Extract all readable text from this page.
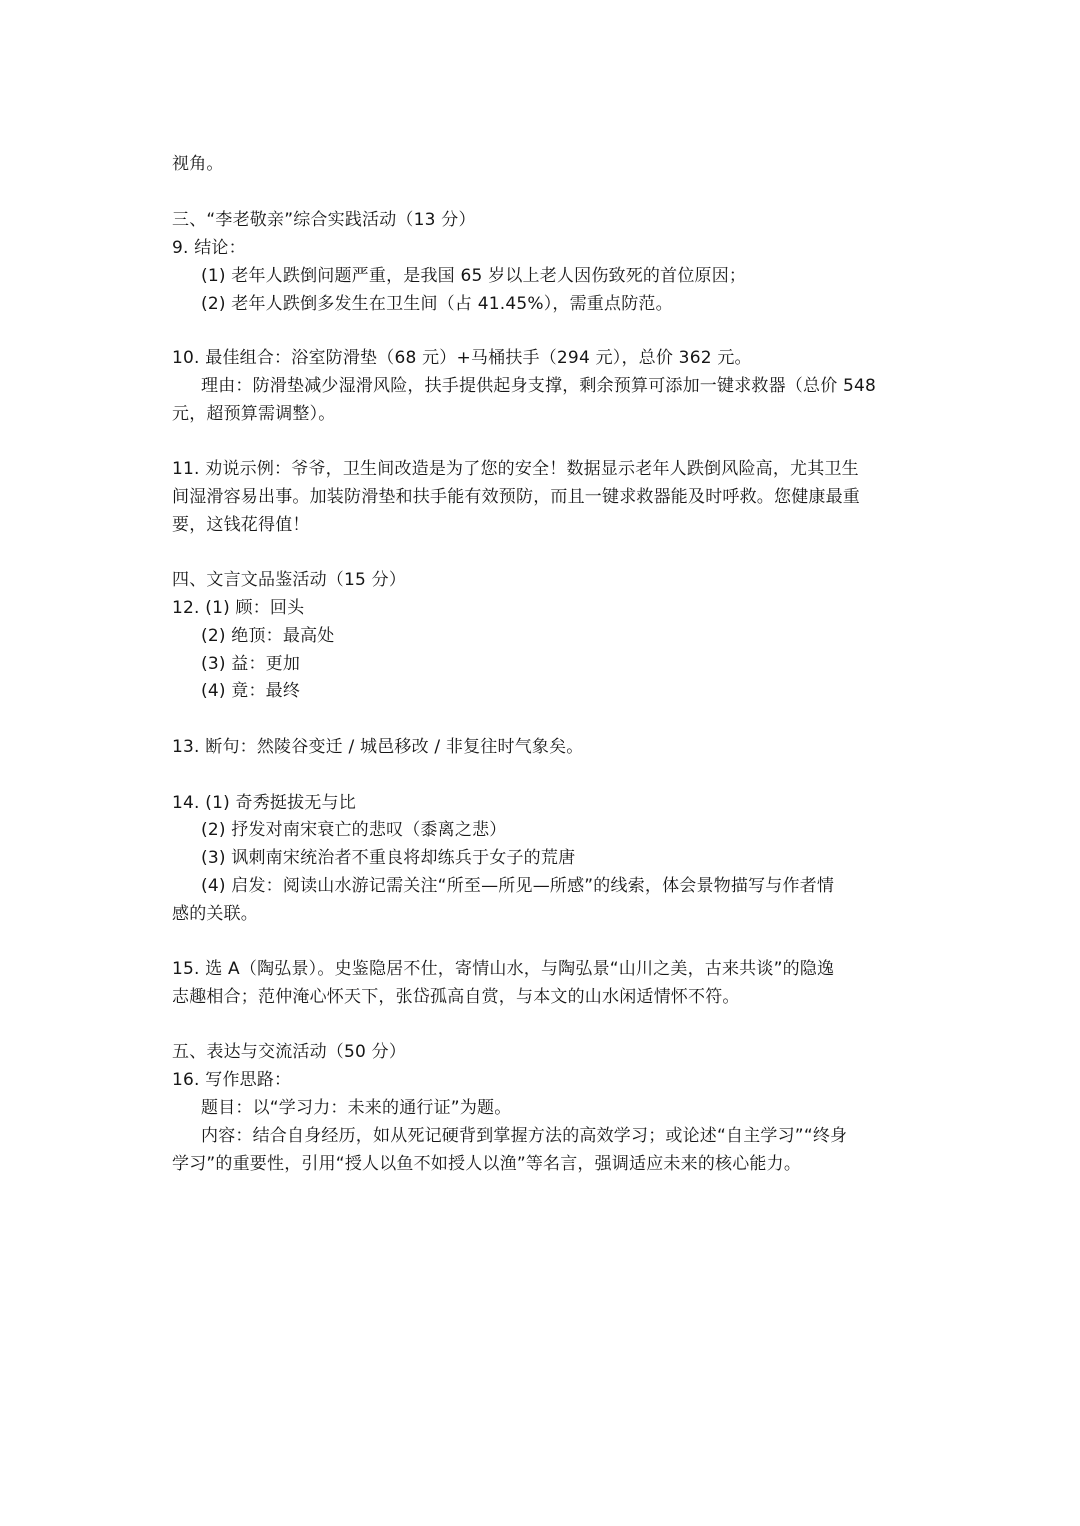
视角。
三、“李老敬亲”综合实践活动（13 分）
9. 结论：
(1) 老年人跌倒问题严重，是我国 65 岁以上老人因伤致死的首位原因；
(2) 老年人跌倒多发生在卫生间（占 41.45%），需重点防范。
10. 最佳组合：浴室防滑垫（68 元）+马桶扶手（294 元），总价 362 元。
理由：防滑垫减少湿滑风险，扶手提供起身支撑，剩余预算可添加一键求救器（总价 548
元，超预算需调整）。
11. 劝说示例：爷爷，卫生间改造是为了您的安全！数据显示老年人跌倒风险高，尤其卫生
间湿滑容易出事。加装防滑垫和扶手能有效预防，而且一键求救器能及时呼救。您健康最重
要，这钱花得值！
四、文言文品鉴活动（15 分）
12. (1) 顾：回头
(2) 绝顶：最高处
(3) 益：更加
(4) 竟：最终
13. 断句：然陵谷变迁 / 城邑移改 / 非复往时气象矣。
14. (1) 奇秀挺拔无与比
(2) 抒发对南宋衰亡的悲叹（黍离之悲）
(3) 讽刺南宋统治者不重良将却练兵于女子的荒唐
(4) 启发：阅读山水游记需关注“所至—所见—所感”的线索，体会景物描写与作者情
感的关联。
15. 选 A（陶弘景）。史鉴隐居不仕，寄情山水，与陶弘景“山川之美，古来共谈”的隐逸
志趣相合；范仲淹心怀天下，张岱孤高自赏，与本文的山水闲适情怀不符。
五、表达与交流活动（50 分）
16. 写作思路：
题目：以“学习力：未来的通行证”为题。
内容：结合自身经历，如从死记硬背到掌握方法的高效学习；或论述“自主学习”“终身
学习”的重要性，引用“授人以鱼不如授人以渔”等名言，强调适应未来的核心能力。
